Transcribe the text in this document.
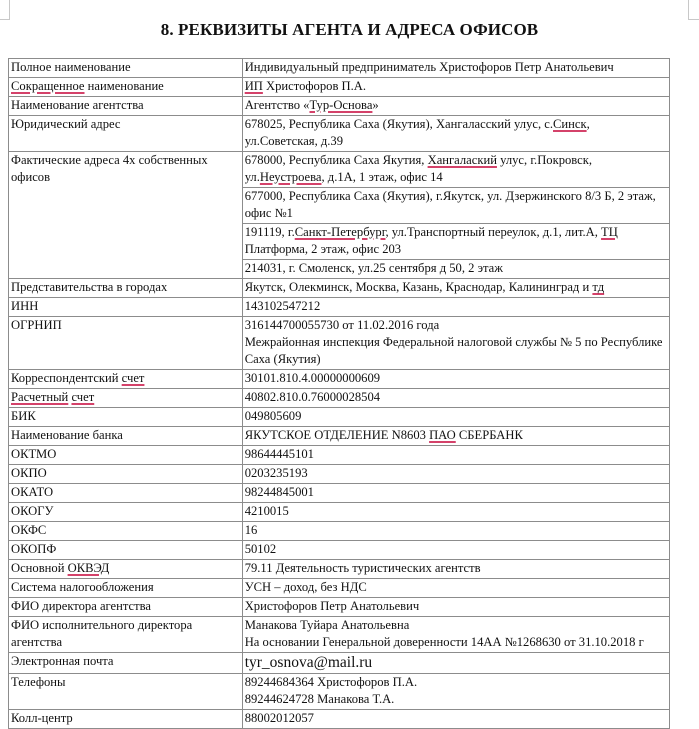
8. РЕКВИЗИТЫ АГЕНТА И АДРЕСА ОФИСОВ
Полное наименование	Индивидуальный предприниматель Христофоров Петр Анатольевич
Сокращенное наименование	ИП Христофоров П.А.
Наименование агентства	Агентство «Тур-Основа»
Юридический адрес	678025, Республика Саха (Якутия), Хангаласский улус, с.Синск,
ул.Советская, д.39
Фактические адреса 4х собственных офисов	678000, Республика Саха Якутия, Хангалаский улус, г.Покровск,
ул.Неустроева, д.1А, 1 этаж, офис 14
	677000, Республика Саха (Якутия), г.Якутск, ул. Дзержинского 8/3 Б, 2 этаж, офис №1
	191119, г.Санкт-Петербург, ул.Транспортный переулок, д.1, лит.А, ТЦ
Платформа, 2 этаж, офис 203
	214031, г. Смоленск, ул.25 сентября д 50, 2 этаж
Представительства в городах	Якутск, Олекминск, Москва, Казань, Краснодар, Калининград и тд
ИНН	143102547212
ОГРНИП	316144700055730 от 11.02.2016 года
Межрайонная инспекция Федеральной налоговой службы № 5 по Республике Саха (Якутия)
Корреспондентский счет	30101.810.4.00000000609
Расчетный счет	40802.810.0.76000028504
БИК	049805609
Наименование банка	ЯКУТСКОЕ ОТДЕЛЕНИЕ N8603 ПАО СБЕРБАНК
ОКТМО	98644445101
ОКПО	0203235193
ОКАТО	98244845001
ОКОГУ	4210015
ОКФС	16
ОКОПФ	50102
Основной ОКВЭД	79.11 Деятельность туристических агентств
Система налогообложения	УСН – доход, без НДС
ФИО директора агентства	Христофоров Петр Анатольевич
ФИО исполнительного директора агентства	Манакова Туйара Анатольевна
На основании Генеральной доверенности 14АА №1268630 от 31.10.2018 г
Электронная почта	tyr_osnova@mail.ru
Телефоны	89244684364 Христофоров П.А.
89244624728 Манакова Т.А.
Колл-центр	88002012057
